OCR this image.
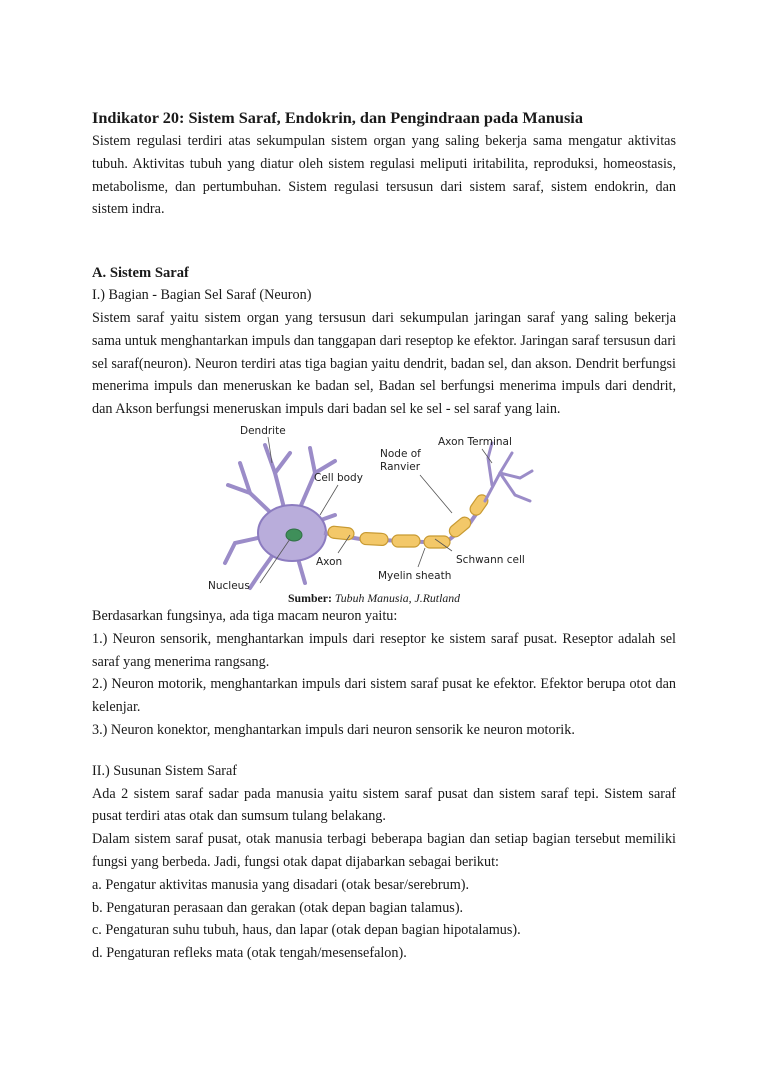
Indikator 20: Sistem Saraf, Endokrin, dan Pengindraan pada Manusia

Sistem regulasi terdiri atas sekumpulan sistem organ yang saling bekerja sama mengatur aktivitas tubuh. Aktivitas tubuh yang diatur oleh sistem regulasi meliputi iritabilita, reproduksi, homeostasis, metabolisme, dan pertumbuhan. Sistem regulasi tersusun dari sistem saraf, sistem endokrin, dan sistem indra.

A. Sistem Saraf

I.) Bagian - Bagian Sel Saraf (Neuron)

Sistem saraf yaitu sistem organ yang tersusun dari sekumpulan jaringan saraf yang saling bekerja sama untuk menghantarkan impuls dan tanggapan dari reseptop ke efektor. Jaringan saraf tersusun dari sel saraf(neuron). Neuron terdiri atas tiga bagian yaitu dendrit, badan sel, dan akson. Dendrit berfungsi menerima impuls dan meneruskan ke badan sel, Badan sel berfungsi menerima impuls dari dendrit, dan Akson berfungsi meneruskan impuls dari badan sel ke sel - sel saraf yang lain.

Dendrite
Cell body
Nucleus
Axon
Node of
Ranvier
Axon Terminal
Schwann cell
Myelin sheath
Sumber: Tubuh Manusia, J.Rutland

Berdasarkan fungsinya, ada tiga macam neuron yaitu:

1.) Neuron sensorik, menghantarkan impuls dari reseptor ke sistem saraf pusat. Reseptor adalah sel saraf yang menerima rangsang.

2.) Neuron motorik, menghantarkan impuls dari sistem saraf pusat ke efektor. Efektor berupa otot dan kelenjar.

3.) Neuron konektor, menghantarkan impuls dari neuron sensorik ke neuron motorik.

II.) Susunan Sistem Saraf

Ada 2 sistem saraf sadar pada manusia yaitu sistem saraf pusat dan sistem saraf tepi. Sistem saraf pusat terdiri atas otak dan sumsum tulang belakang.

Dalam sistem saraf pusat, otak manusia terbagi beberapa bagian dan setiap bagian tersebut memiliki fungsi yang berbeda. Jadi, fungsi otak dapat dijabarkan sebagai berikut:

a. Pengatur aktivitas manusia yang disadari (otak besar/serebrum).

b. Pengaturan perasaan dan gerakan (otak depan bagian talamus).

c. Pengaturan suhu tubuh, haus, dan lapar (otak depan bagian hipotalamus).

d. Pengaturan refleks mata (otak tengah/mesensefalon).
